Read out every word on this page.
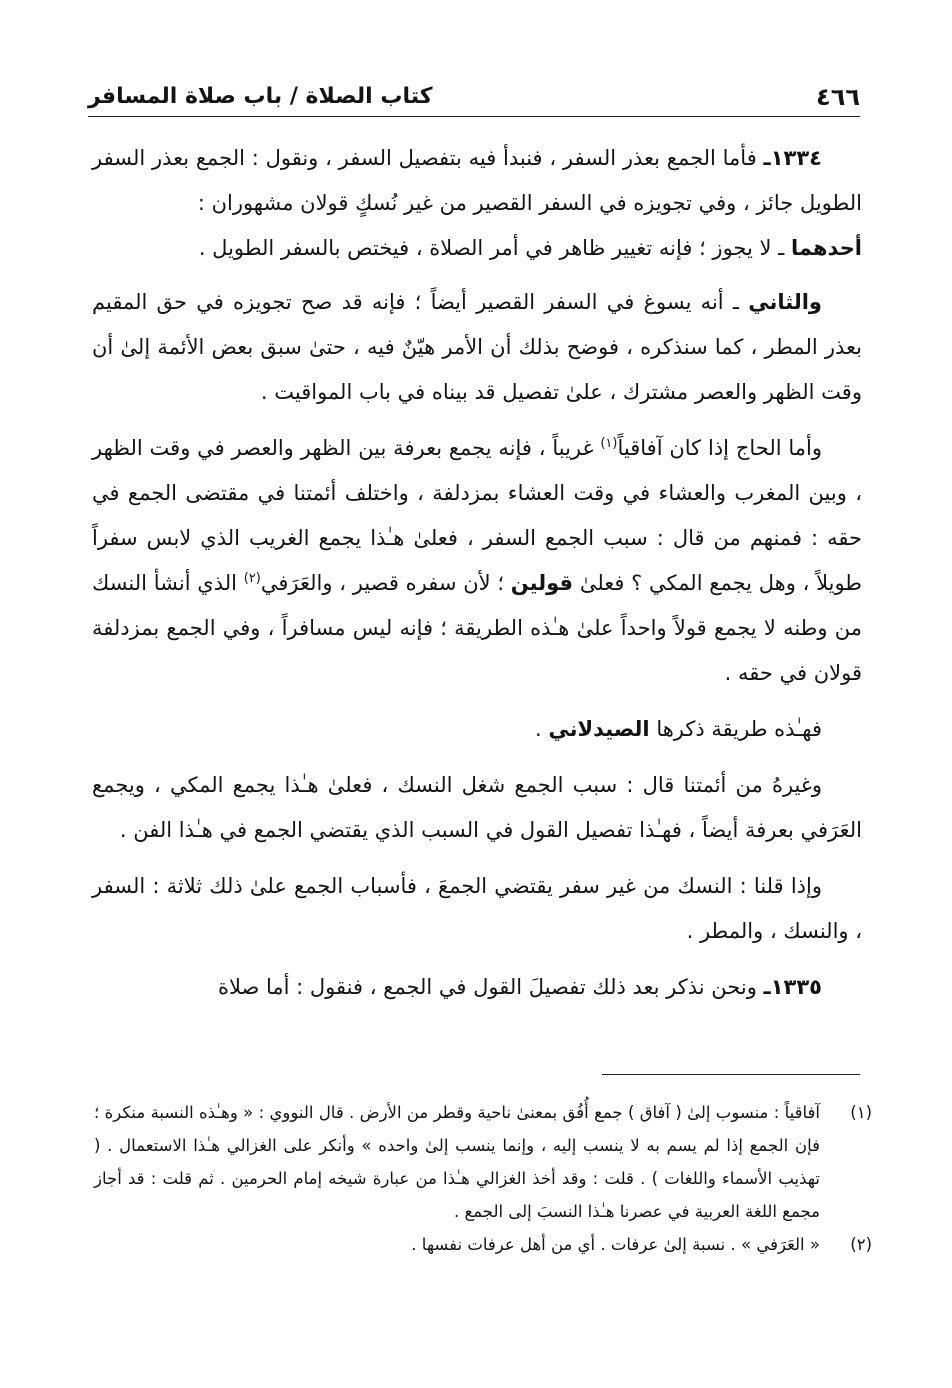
٤٦٦
كتاب الصلاة / باب صلاة المسافر

١٣٣٤ـ فأما الجمع بعذر السفر ، فنبدأ فيه بتفصيل السفر ، ونقول : الجمع بعذر السفر الطويل جائز ، وفي تجويزه في السفر القصير من غير نُسكٍ قولان مشهوران :
أحدهما ـ لا يجوز ؛ فإنه تغيير ظاهر في أمر الصلاة ، فيختص بالسفر الطويل .

والثاني ـ أنه يسوغ في السفر القصير أيضاً ؛ فإنه قد صح تجويزه في حق المقيم بعذر المطر ، كما سنذكره ، فوضح بذلك أن الأمر هيّنٌ فيه ، حتىٰ سبق بعض الأئمة إلىٰ أن وقت الظهر والعصر مشترك ، علىٰ تفصيل قد بيناه في باب المواقيت .

وأما الحاج إذا كان آفاقياً$^{(١)}$ غريباً ، فإنه يجمع بعرفة بين الظهر والعصر في وقت الظهر ، وبين المغرب والعشاء في وقت العشاء بمزدلفة ، واختلف أئمتنا في مقتضى الجمع في حقه : فمنهم من قال : سبب الجمع السفر ، فعلىٰ هـٰذا يجمع الغريب الذي لابس سفراً طويلاً ، وهل يجمع المكي ؟ فعلىٰ قولين ؛ لأن سفره قصير ، والعَرَفي$^{(٢)}$ الذي أنشأ النسك من وطنه لا يجمع قولاً واحداً علىٰ هـٰذه الطريقة ؛ فإنه ليس مسافراً ، وفي الجمع بمزدلفة قولان في حقه .

فهـٰذه طريقة ذكرها الصيدلاني .

وغيرهُ من أئمتنا قال : سبب الجمع شغل النسك ، فعلىٰ هـٰذا يجمع المكي ، ويجمع العَرَفي بعرفة أيضاً ، فهـٰذا تفصيل القول في السبب الذي يقتضي الجمع في هـٰذا الفن .

وإذا قلنا : النسك من غير سفر يقتضي الجمعَ ، فأسباب الجمع علىٰ ذلك ثلاثة : السفر ، والنسك ، والمطر .

١٣٣٥ـ ونحن نذكر بعد ذلك تفصيلَ القول في الجمع ، فنقول : أما صلاة

(١)
آفاقياً : منسوب إلىٰ ( آفاق ) جمع أُفُق بمعنىٰ ناحية وقطر من الأرض . قال النووي : « وهـٰذه النسبة منكرة ؛ فإن الجمع إذا لم يسم به لا ينسب إليه ، وإنما ينسب إلىٰ واحده » وأنكر على الغزالي هـٰذا الاستعمال . ( تهذيب الأسماء واللغات ) . قلت : وقد أخذ الغزالي هـٰذا من عبارة شيخه إمام الحرمين . ثم قلت : قد أجاز مجمع اللغة العربية في عصرنا هـٰذا النسبَ إلى الجمع .

(٢)
« العَرَفي » . نسبة إلىٰ عرفات . أي من أهل عرفات نفسها .
